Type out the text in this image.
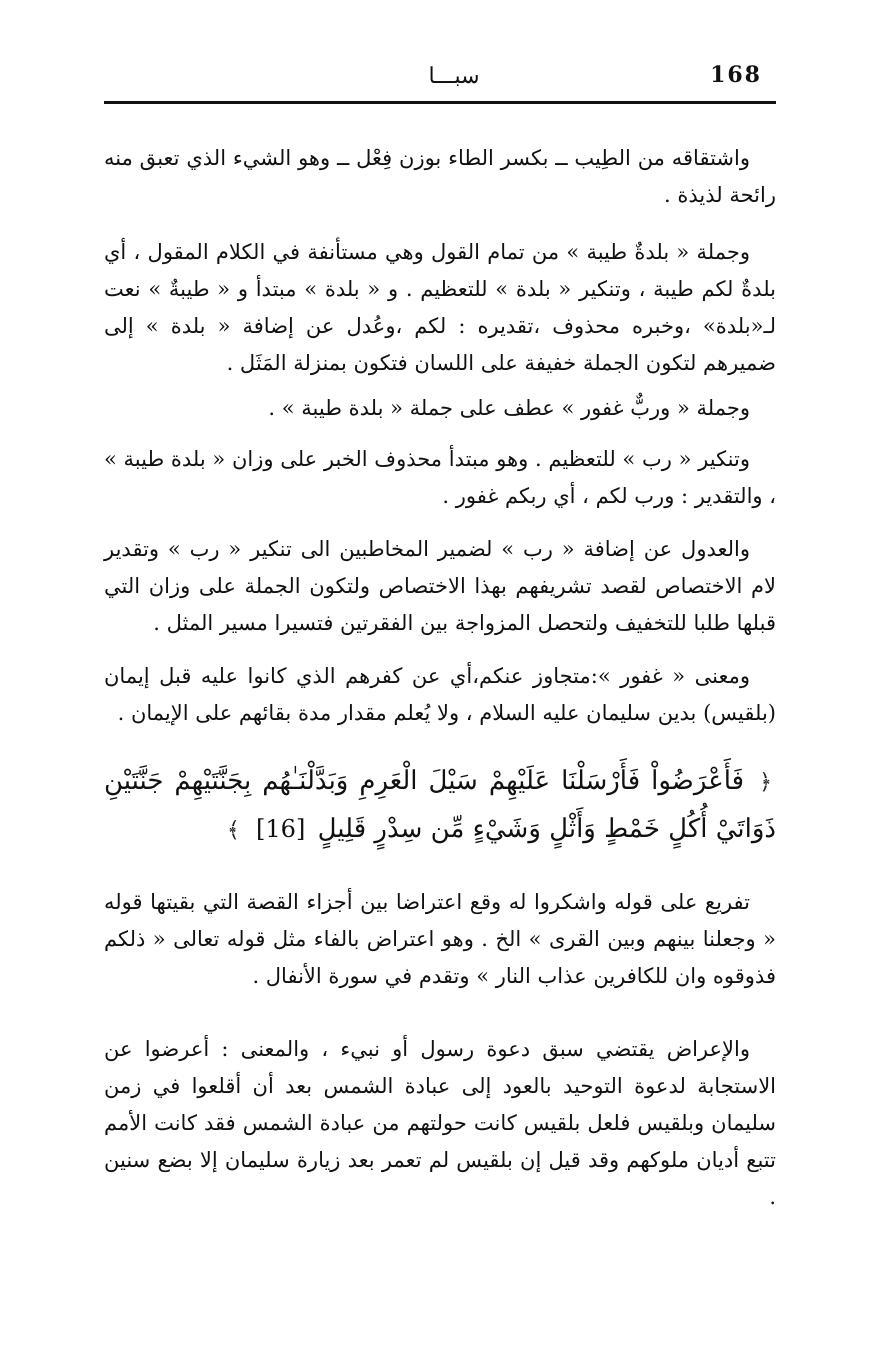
168
سبـــا

واشتقاقه من الطِيب ــ بكسر الطاء بوزن فِعْل ــ وهو الشيء الذي تعبق منه رائحة لذيذة .

وجملة « بلدةٌ طيبة » من تمام القول وهي مستأنفة في الكلام المقول ، أي بلدةٌ لكم طيبة ، وتنكير « بلدة » للتعظيم . و « بلدة » مبتدأ و « طيبةٌ » نعت لـ«بلدة» ،وخبره محذوف ،تقديره : لكم ،وعُدل عن إضافة « بلدة » إلى ضميرهم لتكون الجملة خفيفة على اللسان فتكون بمنزلة المَثَل .

وجملة « وربٌّ غفور » عطف على جملة « بلدة طيبة » .

وتنكير « رب » للتعظيم . وهو مبتدأ محذوف الخبر على وزان « بلدة طيبة » ، والتقدير : ورب لكم ، أي ربكم غفور .

والعدول عن إضافة « رب » لضمير المخاطبين الى تنكير « رب » وتقدير لام الاختصاص لقصد تشريفهم بهذا الاختصاص ولتكون الجملة على وزان التي قبلها طلبا للتخفيف ولتحصل المزواجة بين الفقرتين فتسيرا مسير المثل .

ومعنى « غفور »:متجاوز عنكم،أي عن كفرهم الذي كانوا عليه قبل إيمان (بلقيس) بدين سليمان عليه السلام ، ولا يُعلم مقدار مدة بقائهم على الإيمان .

﴿ فَأَعْرَضُواْ فَأَرْسَلْنَا عَلَيْهِمْ سَيْلَ الْعَرِمِ وَبَدَّلْنَـٰهُم بِجَنَّتَيْهِمْ جَنَّتَيْنِ ذَوَاتَيْ أُكُلٍ خَمْطٍ وَأَثْلٍ وَشَيْءٍ مِّن سِدْرٍ قَلِيلٍ [16] ﴾

تفريع على قوله واشكروا له وقع اعتراضا بين أجزاء القصة التي بقيتها قوله « وجعلنا بينهم وبين القرى » الخ . وهو اعتراض بالفاء مثل قوله تعالى « ذلكم فذوقوه وان للكافرين عذاب النار » وتقدم في سورة الأنفال .

والإعراض يقتضي سبق دعوة رسول أو نبيء ، والمعنى : أعرضوا عن الاستجابة لدعوة التوحيد بالعود إلى عبادة الشمس بعد أن أقلعوا في زمن سليمان وبلقيس فلعل بلقيس كانت حولتهم من عبادة الشمس فقد كانت الأمم تتبع أديان ملوكهم وقد قيل إن بلقيس لم تعمر بعد زيارة سليمان إلا بضع سنين .
